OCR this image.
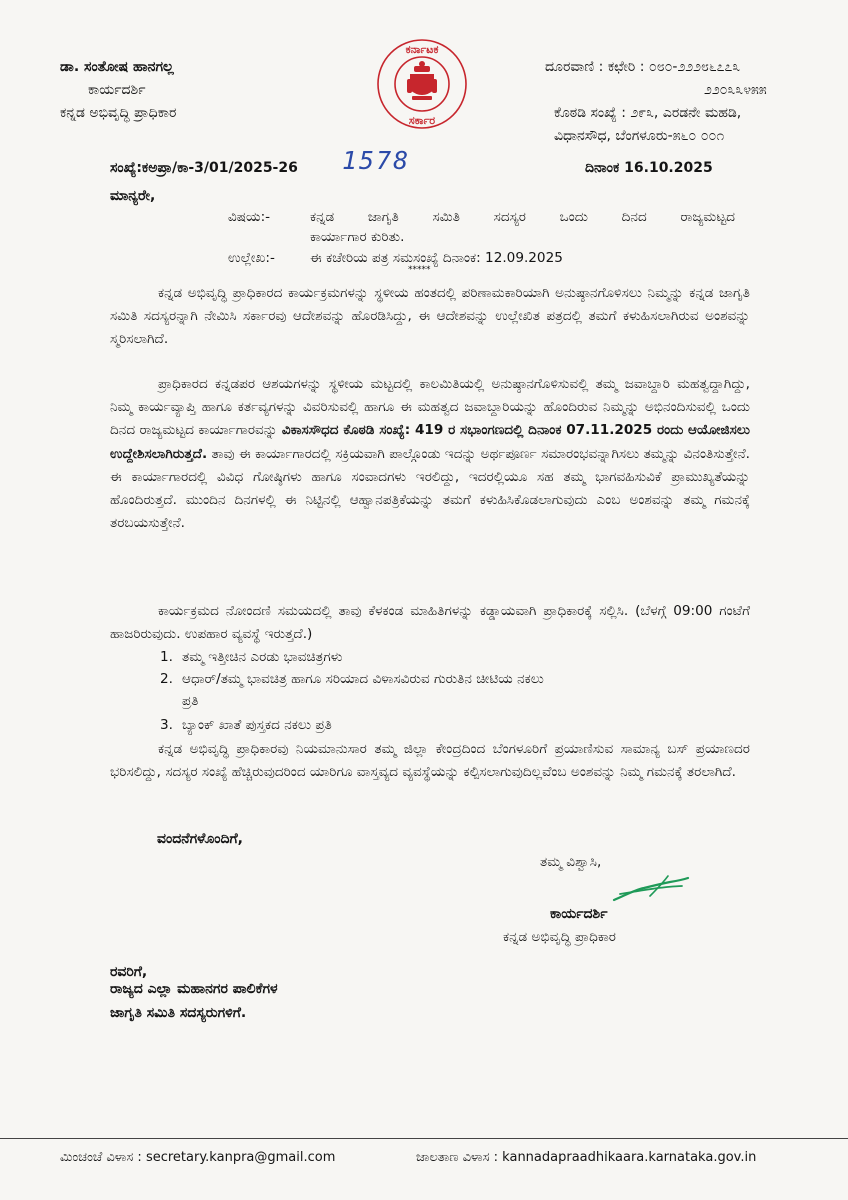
ಡಾ. ಸಂತೋಷ ಹಾನಗಲ್ಲ
ಕಾರ್ಯದರ್ಶಿ
ಕನ್ನಡ ಅಭಿವೃದ್ಧಿ ಪ್ರಾಧಿಕಾರ
ಕರ್ನಾಟಕ
ಸರ್ಕಾರ
ದೂರವಾಣಿ : ಕಛೇರಿ : ೦೮೦-೨೨೨೮೬೭೭೩
೨೨೦೩೩೪೫೫
ಕೊಠಡಿ ಸಂಖ್ಯೆ : ೨೯೩, ಎರಡನೇ ಮಹಡಿ,
ವಿಧಾನಸೌಧ, ಬೆಂಗಳೂರು-೫೬೦ ೦೦೧
ಸಂಖ್ಯೆ:ಕಅಪ್ರಾ/ಕಾ-3/01/2025-26 1578	ದಿನಾಂಕ 16.10.2025
ಮಾನ್ಯರೇ,
ವಿಷಯ:-	ಕನ್ನಡ ಜಾಗೃತಿ ಸಮಿತಿ ಸದಸ್ಯರ ಒಂದು ದಿನದ ರಾಜ್ಯಮಟ್ಟದ
ಕಾರ್ಯಾಗಾರ ಕುರಿತು.
ಉಲ್ಲೇಖ:-	ಈ ಕಚೇರಿಯ ಪತ್ರ ಸಮಸಂಖ್ಯೆ ದಿನಾಂಕ: 12.09.2025
*****
ಕನ್ನಡ ಅಭಿವೃದ್ಧಿ ಪ್ರಾಧಿಕಾರದ ಕಾರ್ಯಕ್ರಮಗಳನ್ನು ಸ್ಥಳೀಯ ಹಂತದಲ್ಲಿ ಪರಿಣಾಮಕಾರಿಯಾಗಿ ಅನುಷ್ಠಾನಗೊಳಿಸಲು ನಿಮ್ಮನ್ನು ಕನ್ನಡ ಜಾಗೃತಿ ಸಮಿತಿ ಸದಸ್ಯರನ್ನಾಗಿ ನೇಮಿಸಿ ಸರ್ಕಾರವು ಆದೇಶವನ್ನು ಹೊರಡಿಸಿದ್ದು, ಈ ಆದೇಶವನ್ನು ಉಲ್ಲೇಖಿತ ಪತ್ರದಲ್ಲಿ ತಮಗೆ ಕಳುಹಿಸಲಾಗಿರುವ ಅಂಶವನ್ನು ಸ್ಮರಿಸಲಾಗಿದೆ.
ಪ್ರಾಧಿಕಾರದ ಕನ್ನಡಪರ ಆಶಯಗಳನ್ನು ಸ್ಥಳೀಯ ಮಟ್ಟದಲ್ಲಿ ಕಾಲಮಿತಿಯಲ್ಲಿ ಅನುಷ್ಠಾನಗೊಳಿಸುವಲ್ಲಿ ತಮ್ಮ ಜವಾಬ್ದಾರಿ ಮಹತ್ವದ್ದಾಗಿದ್ದು, ನಿಮ್ಮ ಕಾರ್ಯವ್ಯಾಪ್ತಿ ಹಾಗೂ ಕರ್ತವ್ಯಗಳನ್ನು ವಿವರಿಸುವಲ್ಲಿ ಹಾಗೂ ಈ ಮಹತ್ವದ ಜವಾಬ್ದಾರಿಯನ್ನು ಹೊಂದಿರುವ ನಿಮ್ಮನ್ನು ಅಭಿನಂದಿಸುವಲ್ಲಿ ಒಂದು ದಿನದ ರಾಜ್ಯಮಟ್ಟದ ಕಾರ್ಯಾಗಾರವನ್ನು ವಿಕಾಸಸೌಧದ ಕೊಠಡಿ ಸಂಖ್ಯೆ: 419 ರ ಸಭಾಂಗಣದಲ್ಲಿ ದಿನಾಂಕ 07.11.2025 ರಂದು ಆಯೋಜಿಸಲು ಉದ್ದೇಶಿಸಲಾಗಿರುತ್ತದೆ. ತಾವು ಈ ಕಾರ್ಯಾಗಾರದಲ್ಲಿ ಸಕ್ರಿಯವಾಗಿ ಪಾಲ್ಗೊಂಡು ಇದನ್ನು ಅರ್ಥಪೂರ್ಣ ಸಮಾರಂಭವನ್ನಾಗಿಸಲು ತಮ್ಮನ್ನು ವಿನಂತಿಸುತ್ತೇನೆ. ಈ ಕಾರ್ಯಾಗಾರದಲ್ಲಿ ವಿವಿಧ ಗೋಷ್ಠಿಗಳು ಹಾಗೂ ಸಂವಾದಗಳು ಇರಲಿದ್ದು, ಇದರಲ್ಲಿಯೂ ಸಹ ತಮ್ಮ ಭಾಗವಹಿಸುವಿಕೆ ಪ್ರಾಮುಖ್ಯತೆಯನ್ನು ಹೊಂದಿರುತ್ತದೆ. ಮುಂದಿನ ದಿನಗಳಲ್ಲಿ ಈ ನಿಟ್ಟಿನಲ್ಲಿ ಆಹ್ವಾನಪತ್ರಿಕೆಯನ್ನು ತಮಗೆ ಕಳುಹಿಸಿಕೊಡಲಾಗುವುದು ಎಂಬ ಅಂಶವನ್ನು ತಮ್ಮ ಗಮನಕ್ಕೆ ತರಬಯಸುತ್ತೇನೆ.
ಕಾರ್ಯಕ್ರಮದ ನೋಂದಣಿ ಸಮಯದಲ್ಲಿ ತಾವು ಕೆಳಕಂಡ ಮಾಹಿತಿಗಳನ್ನು ಕಡ್ಡಾಯವಾಗಿ ಪ್ರಾಧಿಕಾರಕ್ಕೆ ಸಲ್ಲಿಸಿ. (ಬೆಳಗ್ಗೆ 09:00 ಗಂಟೆಗೆ ಹಾಜರಿರುವುದು. ಉಪಹಾರ ವ್ಯವಸ್ಥೆ ಇರುತ್ತದೆ.)
1. ತಮ್ಮ ಇತ್ತೀಚಿನ ಎರಡು ಭಾವಚಿತ್ರಗಳು
2. ಆಧಾರ್/ತಮ್ಮ ಭಾವಚಿತ್ರ ಹಾಗೂ ಸರಿಯಾದ ವಿಳಾಸವಿರುವ ಗುರುತಿನ ಚೀಟಿಯ ನಕಲು
ಪ್ರತಿ
3. ಬ್ಯಾಂಕ್ ಖಾತೆ ಪುಸ್ತಕದ ನಕಲು ಪ್ರತಿ
ಕನ್ನಡ ಅಭಿವೃದ್ಧಿ ಪ್ರಾಧಿಕಾರವು ನಿಯಮಾನುಸಾರ ತಮ್ಮ ಜಿಲ್ಲಾ ಕೇಂದ್ರದಿಂದ ಬೆಂಗಳೂರಿಗೆ ಪ್ರಯಾಣಿಸುವ ಸಾಮಾನ್ಯ ಬಸ್ ಪ್ರಯಾಣದರ ಭರಿಸಲಿದ್ದು, ಸದಸ್ಯರ ಸಂಖ್ಯೆ ಹೆಚ್ಚಿರುವುದರಿಂದ ಯಾರಿಗೂ ವಾಸ್ತವ್ಯದ ವ್ಯವಸ್ಥೆಯನ್ನು ಕಲ್ಪಿಸಲಾಗುವುದಿಲ್ಲವೆಂಬ ಅಂಶವನ್ನು ನಿಮ್ಮ ಗಮನಕ್ಕೆ ತರಲಾಗಿದೆ.
ವಂದನೆಗಳೊಂದಿಗೆ,
ತಮ್ಮ ವಿಶ್ವಾಸಿ,
ಕಾರ್ಯದರ್ಶಿ
ಕನ್ನಡ ಅಭಿವೃದ್ಧಿ ಪ್ರಾಧಿಕಾರ
ರವರಿಗೆ,
ರಾಜ್ಯದ ಎಲ್ಲಾ ಮಹಾನಗರ ಪಾಲಿಕೆಗಳ
ಜಾಗೃತಿ ಸಮಿತಿ ಸದಸ್ಯರುಗಳಿಗೆ.
ಮಿಂಚಂಚೆ ವಿಳಾಸ : secretary.kanpra@gmail.com	ಜಾಲತಾಣ ವಿಳಾಸ : kannadapraadhikaara.karnataka.gov.in
